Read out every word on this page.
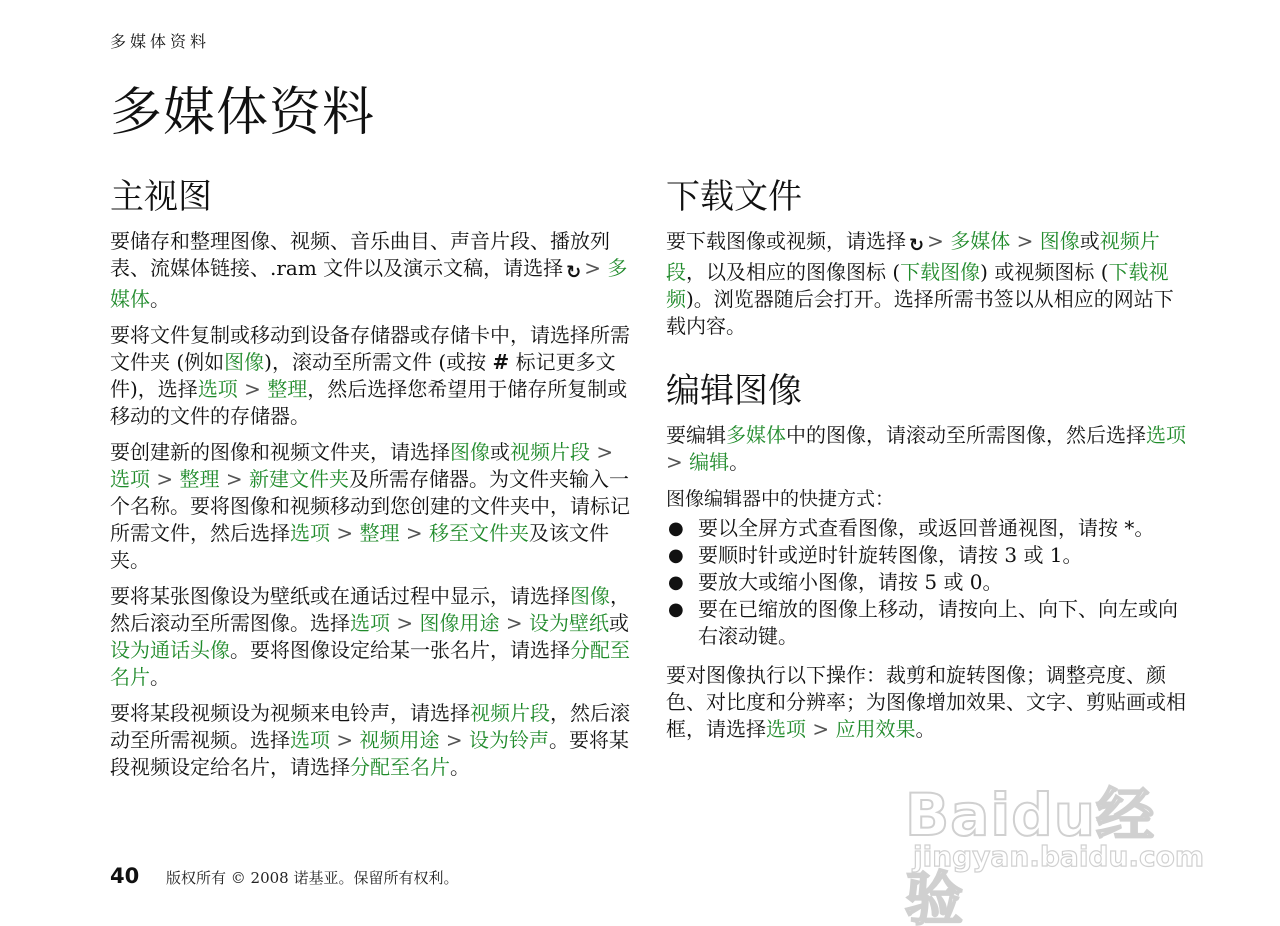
多媒体资料
多媒体资料
主视图

要储存和整理图像、视频、音乐曲目、声音片段、播放列表、流媒体链接、.ram 文件以及演示文稿，请选择 ↻ > 多媒体。

要将文件复制或移动到设备存储器或存储卡中，请选择所需文件夹 (例如图像)，滚动至所需文件 (或按 # 标记更多文件)，选择选项 > 整理，然后选择您希望用于储存所复制或移动的文件的存储器。

要创建新的图像和视频文件夹，请选择图像或视频片段 > 选项 > 整理 > 新建文件夹及所需存储器。为文件夹输入一个名称。要将图像和视频移动到您创建的文件夹中，请标记所需文件，然后选择选项 > 整理 > 移至文件夹及该文件夹。

要将某张图像设为壁纸或在通话过程中显示，请选择图像，然后滚动至所需图像。选择选项 > 图像用途 > 设为壁纸或设为通话头像。要将图像设定给某一张名片，请选择分配至名片。

要将某段视频设为视频来电铃声，请选择视频片段，然后滚动至所需视频。选择选项 > 视频用途 > 设为铃声。要将某段视频设定给名片，请选择分配至名片。

下载文件

要下载图像或视频，请选择 ↻ > 多媒体 > 图像或视频片段，以及相应的图像图标 (下载图像) 或视频图标 (下载视频)。浏览器随后会打开。选择所需书签以从相应的网站下载内容。

编辑图像

要编辑多媒体中的图像，请滚动至所需图像，然后选择选项 > 编辑。

图像编辑器中的快捷方式：
● 要以全屏方式查看图像，或返回普通视图，请按 *。
● 要顺时针或逆时针旋转图像，请按 3 或 1。
● 要放大或缩小图像，请按 5 或 0。
● 要在已缩放的图像上移动，请按向上、向下、向左或向右滚动键。

要对图像执行以下操作：裁剪和旋转图像；调整亮度、颜色、对比度和分辨率；为图像增加效果、文字、剪贴画或相框，请选择选项 > 应用效果。

40	版权所有 © 2008 诺基亚。保留所有权利。
Baidu经验
jingyan.baidu.com
